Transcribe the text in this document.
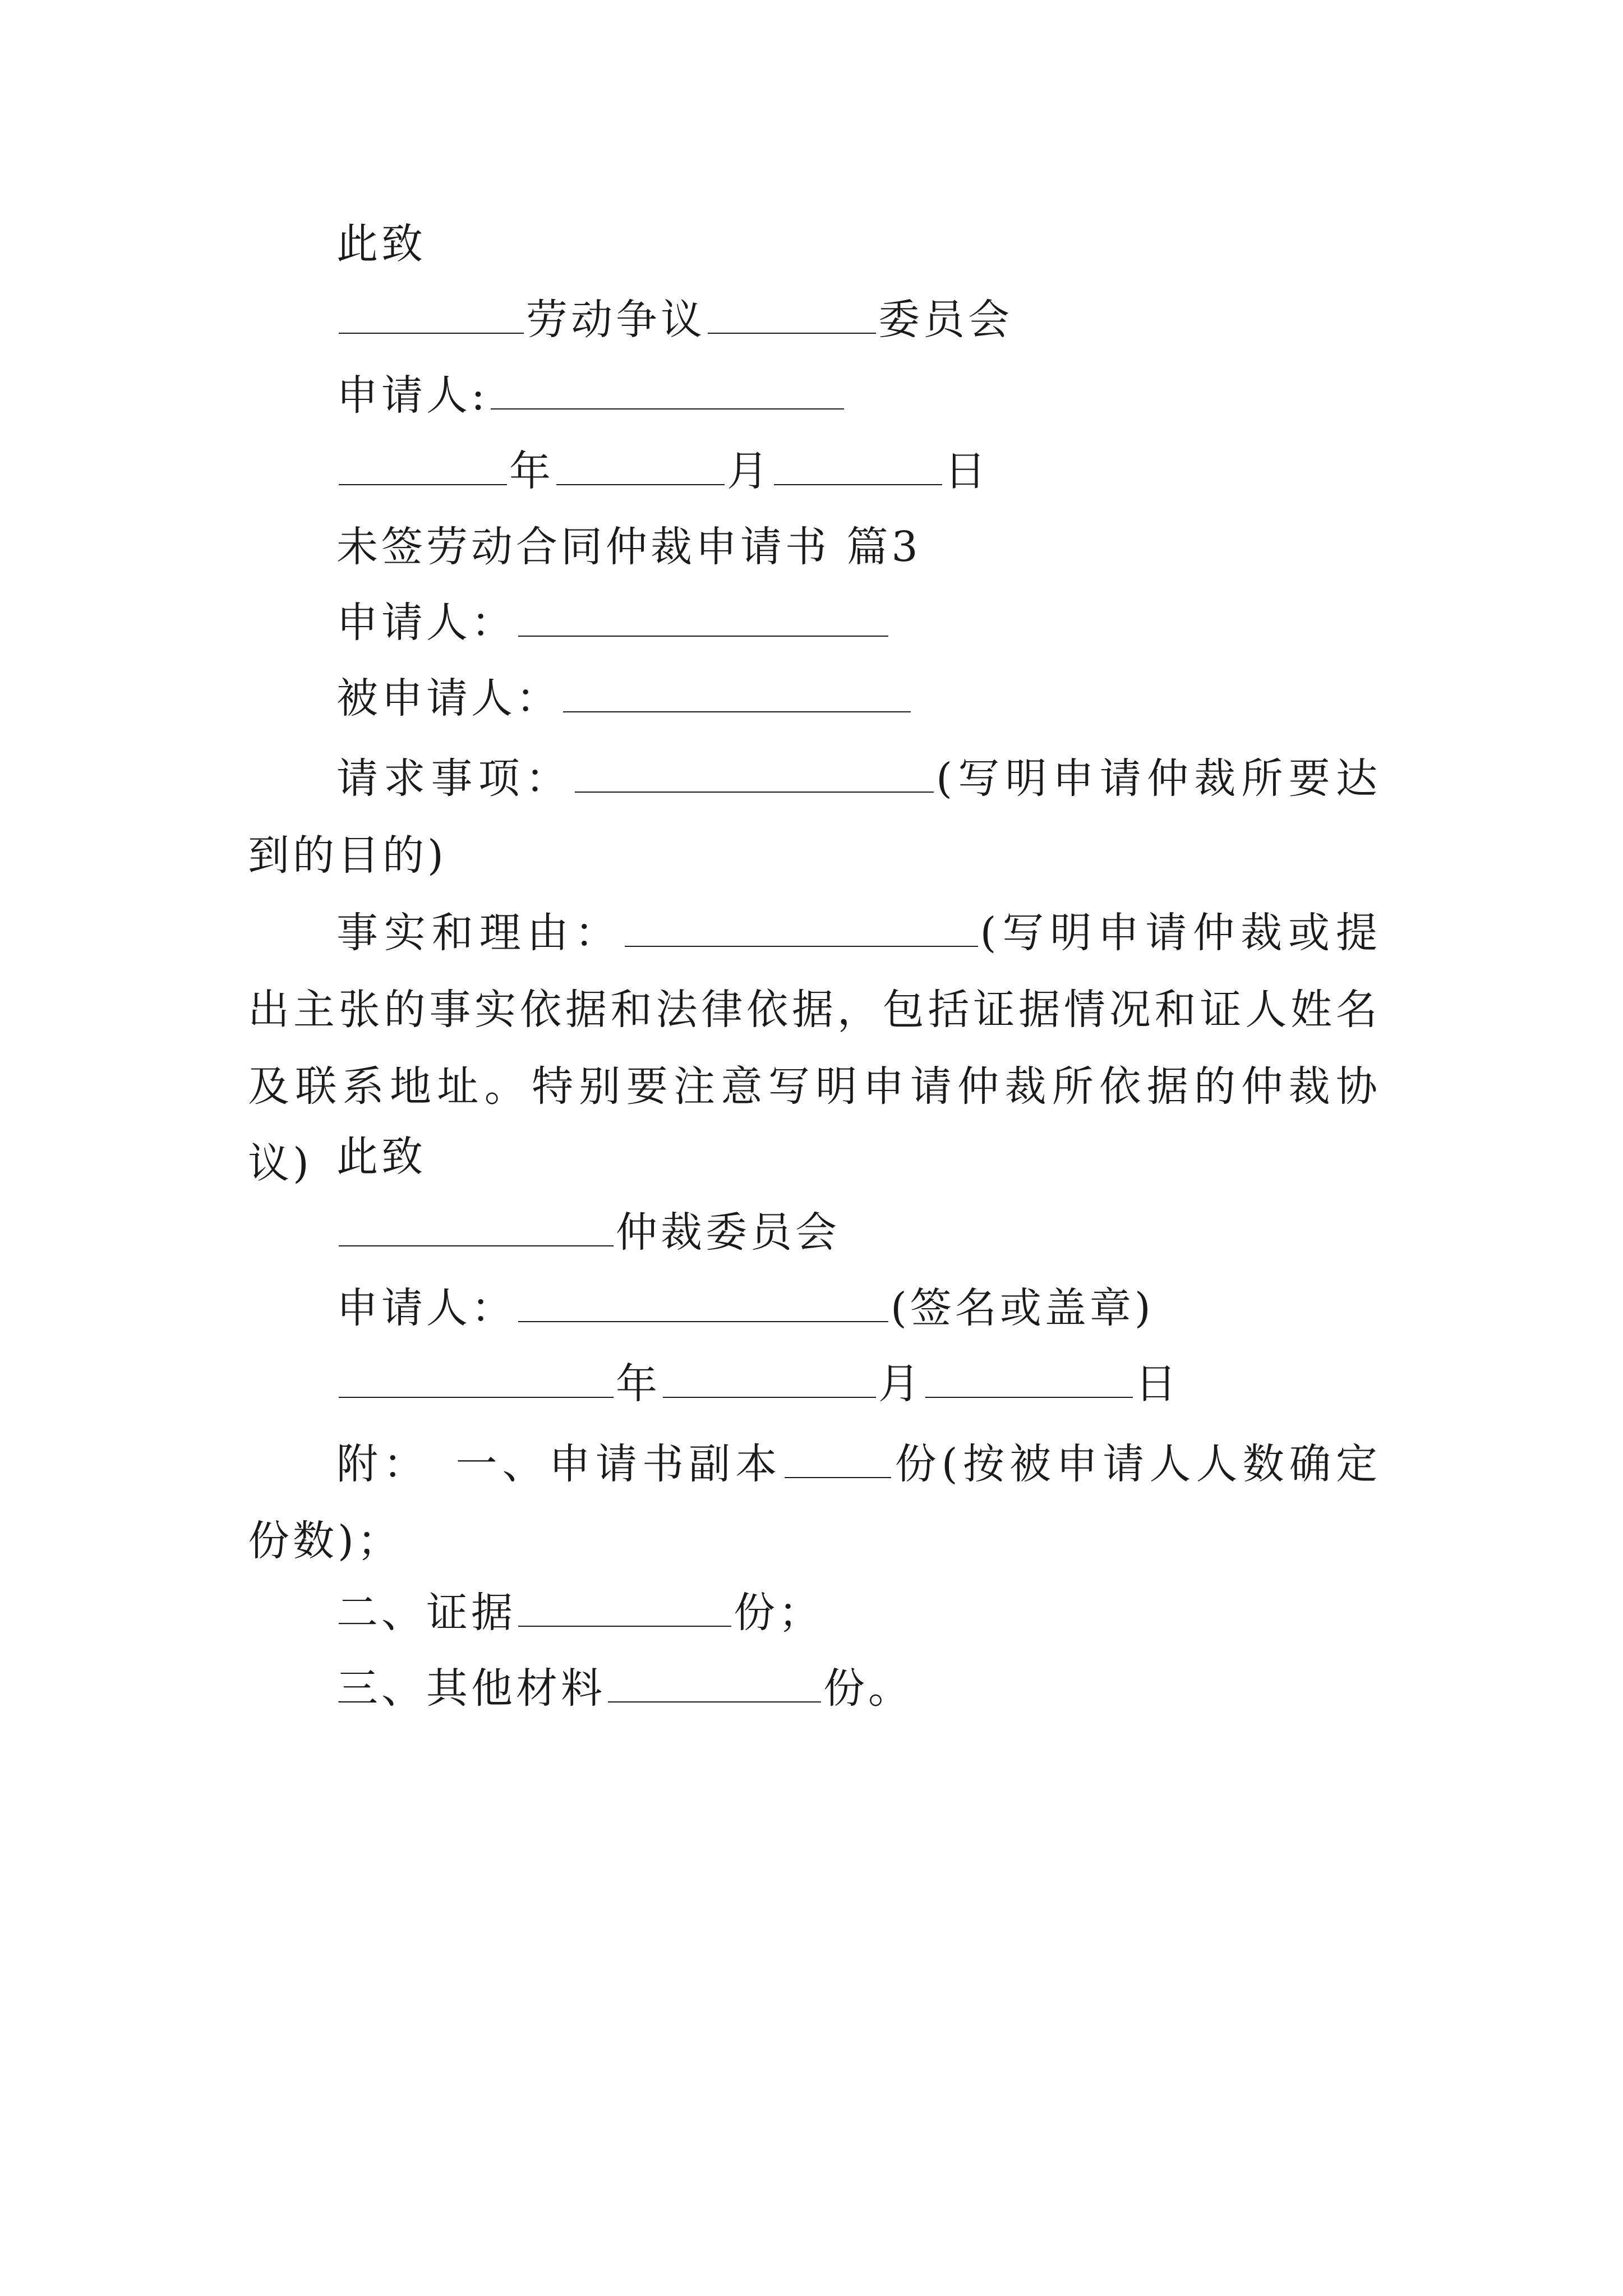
此致
劳动争议	委员会
申请人:
年	月	日
未签劳动合同仲裁申请书 篇3
申请人：
被申请人：
请求事项：	(写明申请仲裁所要达到的目的)
事实和理由：	(写明申请仲裁或提出主张的事实依据和法律依据，包括证据情况和证人姓名及联系地址。特别要注意写明申请仲裁所依据的仲裁协议) 此致
仲裁委员会
申请人：	(签名或盖章)
年	月	日
附：　一、申请书副本	份(按被申请人人数确定份数)；
二、证据	份；
三、其他材料	份。
